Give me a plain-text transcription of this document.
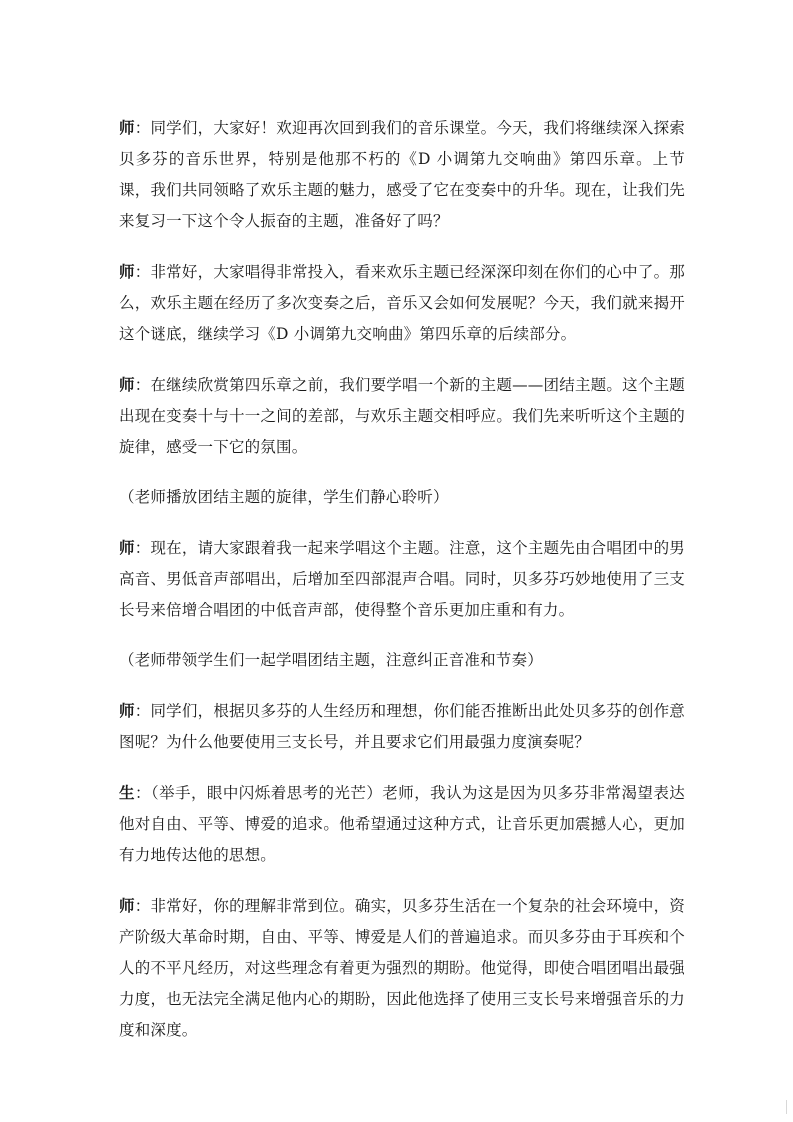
师：同学们，大家好！欢迎再次回到我们的音乐课堂。今天，我们将继续深入探索贝多芬的音乐世界，特别是他那不朽的《D 小调第九交响曲》第四乐章。上节课，我们共同领略了欢乐主题的魅力，感受了它在变奏中的升华。现在，让我们先来复习一下这个令人振奋的主题，准备好了吗？

师：非常好，大家唱得非常投入，看来欢乐主题已经深深印刻在你们的心中了。那么，欢乐主题在经历了多次变奏之后，音乐又会如何发展呢？今天，我们就来揭开这个谜底，继续学习《D 小调第九交响曲》第四乐章的后续部分。

师：在继续欣赏第四乐章之前，我们要学唱一个新的主题——团结主题。这个主题出现在变奏十与十一之间的差部，与欢乐主题交相呼应。我们先来听听这个主题的旋律，感受一下它的氛围。

（老师播放团结主题的旋律，学生们静心聆听）

师：现在，请大家跟着我一起来学唱这个主题。注意，这个主题先由合唱团中的男高音、男低音声部唱出，后增加至四部混声合唱。同时，贝多芬巧妙地使用了三支长号来倍增合唱团的中低音声部，使得整个音乐更加庄重和有力。

（老师带领学生们一起学唱团结主题，注意纠正音准和节奏）

师：同学们，根据贝多芬的人生经历和理想，你们能否推断出此处贝多芬的创作意图呢？为什么他要使用三支长号，并且要求它们用最强力度演奏呢？

生：（举手，眼中闪烁着思考的光芒）老师，我认为这是因为贝多芬非常渴望表达他对自由、平等、博爱的追求。他希望通过这种方式，让音乐更加震撼人心，更加有力地传达他的思想。

师：非常好，你的理解非常到位。确实，贝多芬生活在一个复杂的社会环境中，资产阶级大革命时期，自由、平等、博爱是人们的普遍追求。而贝多芬由于耳疾和个人的不平凡经历，对这些理念有着更为强烈的期盼。他觉得，即使合唱团唱出最强力度，也无法完全满足他内心的期盼，因此他选择了使用三支长号来增强音乐的力度和深度。
